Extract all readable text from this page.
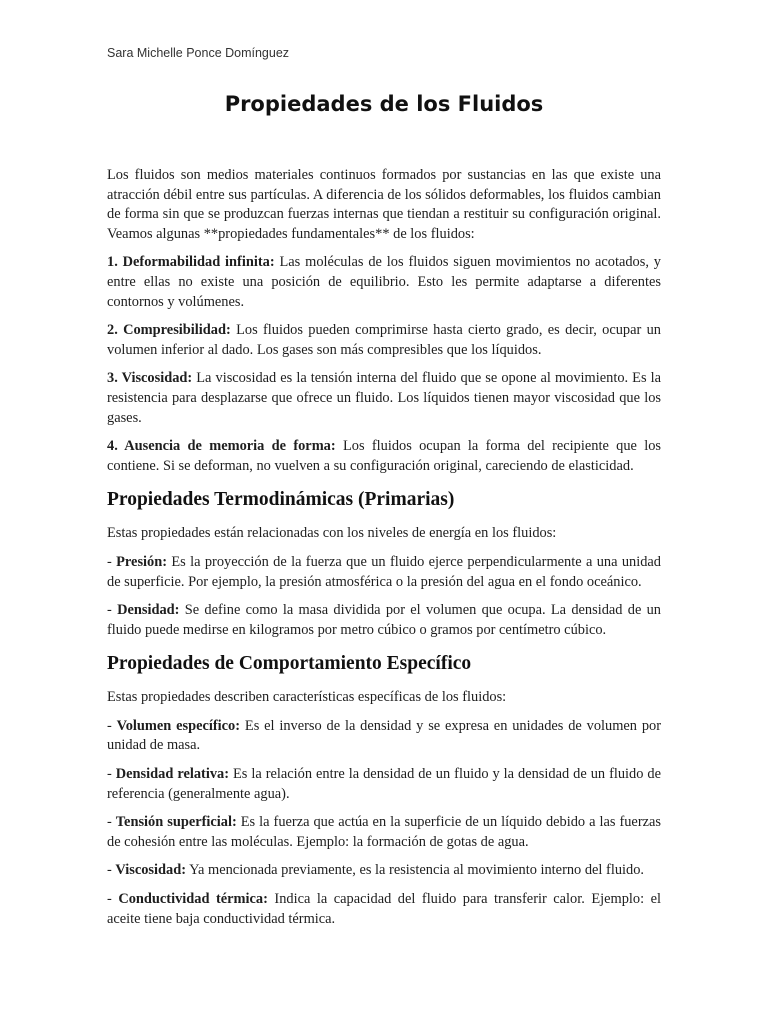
Sara Michelle Ponce Domínguez
Propiedades de los Fluidos

Los fluidos son medios materiales continuos formados por sustancias en las que existe una atracción débil entre sus partículas. A diferencia de los sólidos deformables, los fluidos cambian de forma sin que se produzcan fuerzas internas que tiendan a restituir su configuración original. Veamos algunas **propiedades fundamentales** de los fluidos:

1. Deformabilidad infinita: Las moléculas de los fluidos siguen movimientos no acotados, y entre ellas no existe una posición de equilibrio. Esto les permite adaptarse a diferentes contornos y volúmenes.

2. Compresibilidad: Los fluidos pueden comprimirse hasta cierto grado, es decir, ocupar un volumen inferior al dado. Los gases son más compresibles que los líquidos.

3. Viscosidad: La viscosidad es la tensión interna del fluido que se opone al movimiento. Es la resistencia para desplazarse que ofrece un fluido. Los líquidos tienen mayor viscosidad que los gases.

4. Ausencia de memoria de forma: Los fluidos ocupan la forma del recipiente que los contiene. Si se deforman, no vuelven a su configuración original, careciendo de elasticidad.

Propiedades Termodinámicas (Primarias)

Estas propiedades están relacionadas con los niveles de energía en los fluidos:

- Presión: Es la proyección de la fuerza que un fluido ejerce perpendicularmente a una unidad de superficie. Por ejemplo, la presión atmosférica o la presión del agua en el fondo oceánico.

- Densidad: Se define como la masa dividida por el volumen que ocupa. La densidad de un fluido puede medirse en kilogramos por metro cúbico o gramos por centímetro cúbico.

Propiedades de Comportamiento Específico

Estas propiedades describen características específicas de los fluidos:

- Volumen específico: Es el inverso de la densidad y se expresa en unidades de volumen por unidad de masa.

- Densidad relativa: Es la relación entre la densidad de un fluido y la densidad de un fluido de referencia (generalmente agua).

- Tensión superficial: Es la fuerza que actúa en la superficie de un líquido debido a las fuerzas de cohesión entre las moléculas. Ejemplo: la formación de gotas de agua.

- Viscosidad: Ya mencionada previamente, es la resistencia al movimiento interno del fluido.

- Conductividad térmica: Indica la capacidad del fluido para transferir calor. Ejemplo: el aceite tiene baja conductividad térmica.
